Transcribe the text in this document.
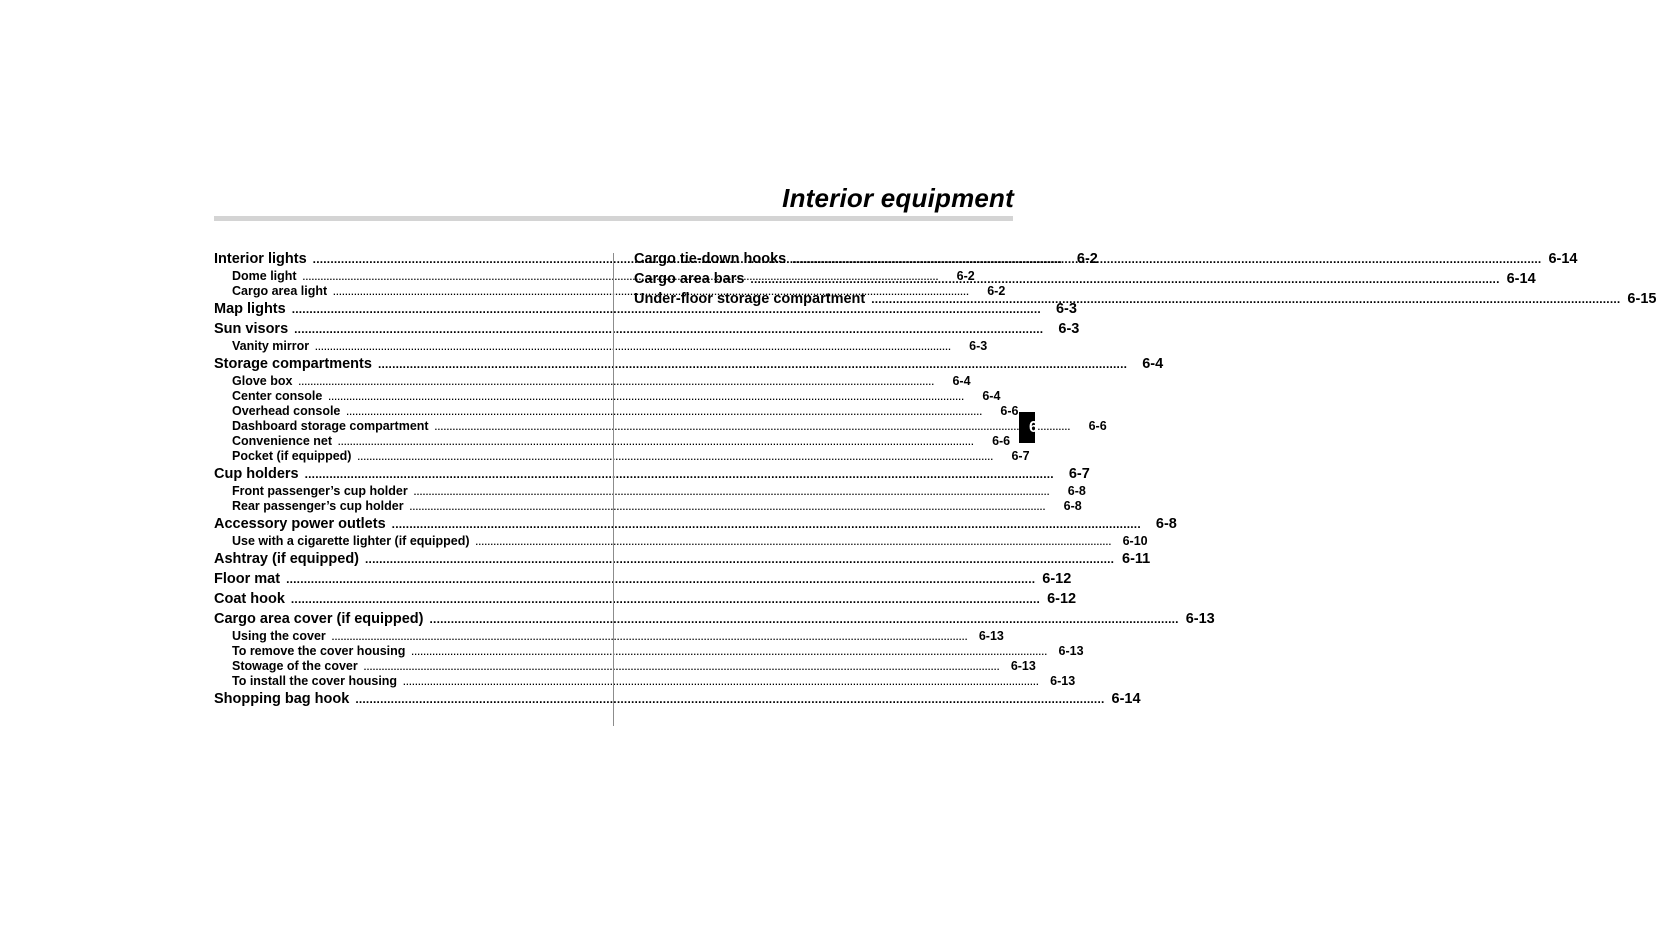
Interior equipment
Interior lights .....	6-2
Dome light .....	6-2
Cargo area light .....	6-2
Map lights .....	6-3
Sun visors .....	6-3
Vanity mirror .....	6-3
Storage compartments .....	6-4
Glove box .....	6-4
Center console .....	6-4
Overhead console .....	6-6
Dashboard storage compartment .....	6-6
Convenience net .....	6-6
Pocket (if equipped) .....	6-7
Cup holders .....	6-7
Front passenger’s cup holder .....	6-8
Rear passenger’s cup holder .....	6-8
Accessory power outlets .....	6-8
Use with a cigarette lighter (if equipped) .....	6-10
Ashtray (if equipped) .....	6-11
Floor mat .....	6-12
Coat hook .....	6-12
Cargo area cover (if equipped) .....	6-13
Using the cover .....	6-13
To remove the cover housing .....	6-13
Stowage of the cover .....	6-13
To install the cover housing .....	6-13
Shopping bag hook .....	6-14
Cargo tie-down hooks .....	6-14
Cargo area bars .....	6-14
Under-floor storage compartment .....	6-15
6
